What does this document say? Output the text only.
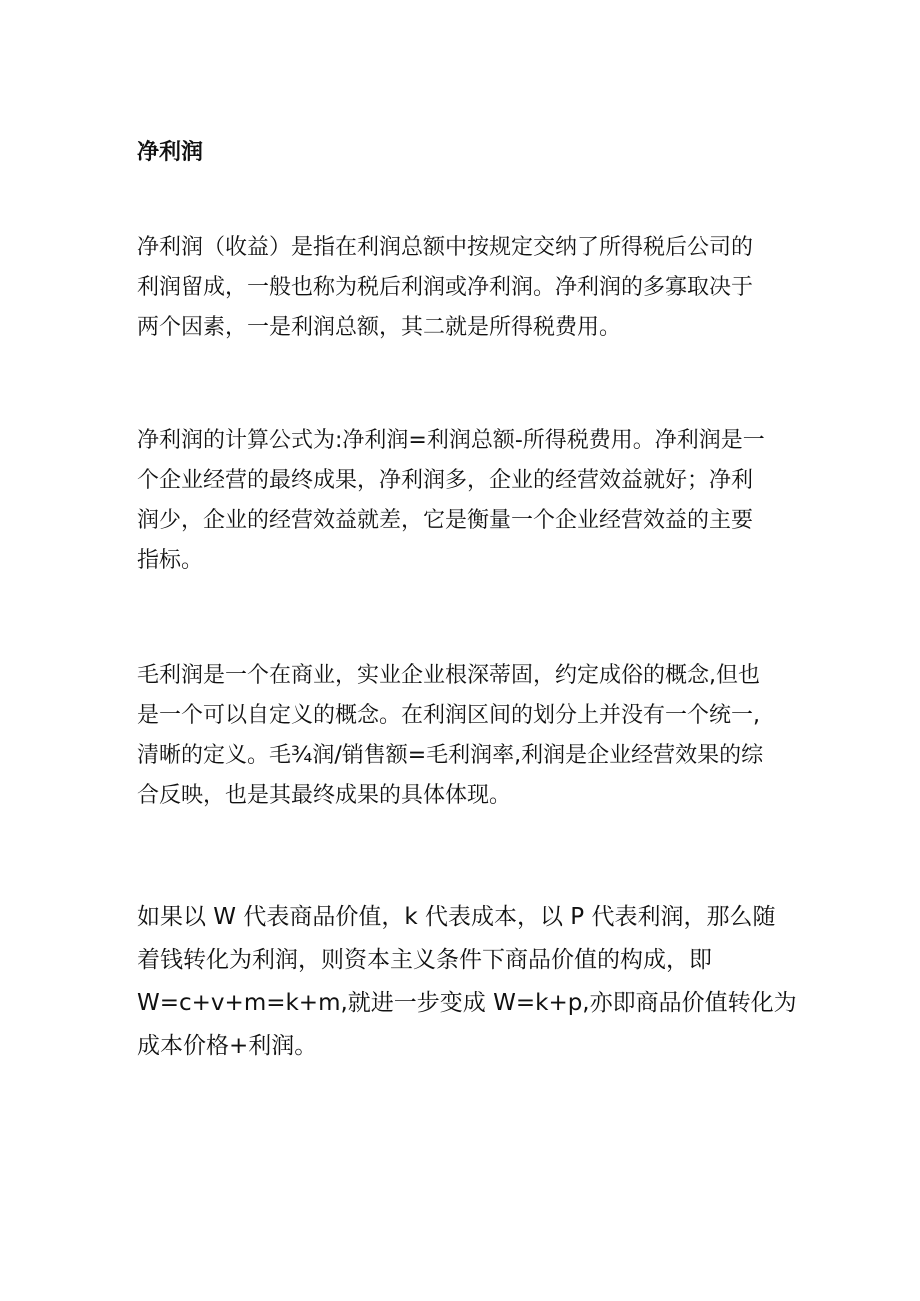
净利润

净利润（收益）是指在利润总额中按规定交纳了所得税后公司的
利润留成，一般也称为税后利润或净利润。净利润的多寡取决于
两个因素，一是利润总额，其二就是所得税费用。

净利润的计算公式为:净利润=利润总额-所得税费用。净利润是一
个企业经营的最终成果，净利润多，企业的经营效益就好；净利
润少，企业的经营效益就差，它是衡量一个企业经营效益的主要
指标。

毛利润是一个在商业，实业企业根深蒂固，约定成俗的概念,但也
是一个可以自定义的概念。在利润区间的划分上并没有一个统一,
清晰的定义。毛¾润/销售额=毛利润率,利润是企业经营效果的综
合反映，也是其最终成果的具体体现。

如果以 W 代表商品价值，k 代表成本，以 P 代表利润，那么随
着钱转化为利润，则资本主义条件下商品价值的构成，即
W=c+v+m=k+m,就进一步变成 W=k+p,亦即商品价值转化为
成本价格+利润。
